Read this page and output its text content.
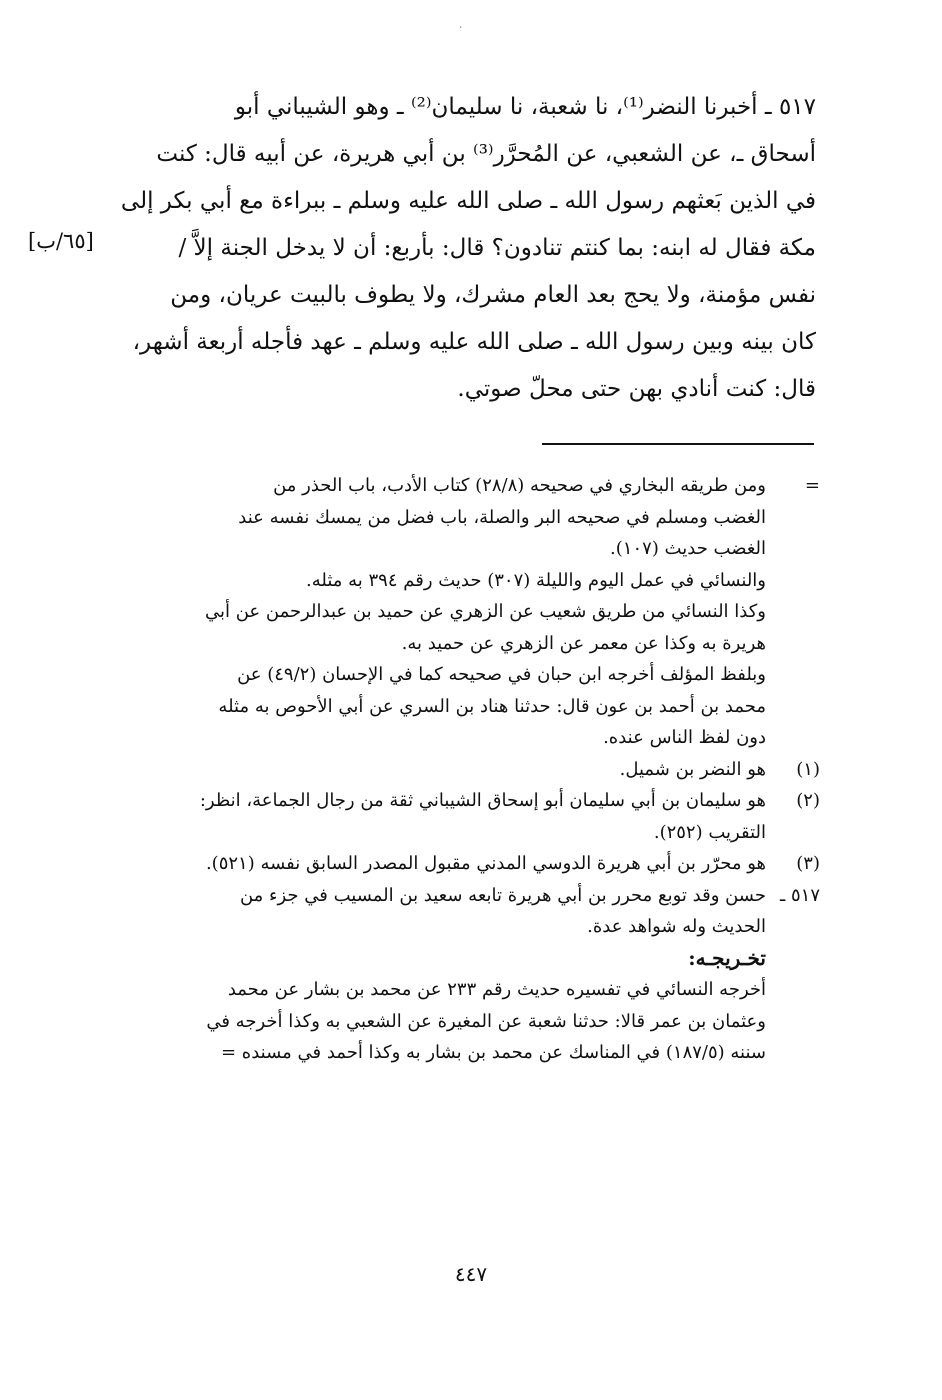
٠
٥١٧ ـ أخبرنا النضر⁽¹⁾، نا شعبة، نا سليمان⁽²⁾ ـ وهو الشيباني أبو
أسحاق ـ، عن الشعبي، عن المُحرَّر⁽³⁾ بن أبي هريرة، عن أبيه قال: كنت
في الذين بَعثهم رسول الله ـ صلى الله عليه وسلم ـ ببراءة مع أبي بكر إلى
مكة فقال له ابنه: بما كنتم تنادون؟ قال: بأربع: أن لا يدخل الجنة إلاَّ /
نفس مؤمنة، ولا يحج بعد العام مشرك، ولا يطوف بالبيت عريان، ومن
كان بينه وبين رسول الله ـ صلى الله عليه وسلم ـ عهد فأجله أربعة أشهر،
قال: كنت أنادي بهن حتى محلّ صوتي.
[٦٥/ب]
=
ومن طريقه البخاري في صحيحه (٢٨/٨) كتاب الأدب، باب الحذر من
الغضب ومسلم في صحيحه البر والصلة، باب فضل من يمسك نفسه عند
الغضب حديث (١٠٧).
والنسائي في عمل اليوم والليلة (٣٠٧) حديث رقم ٣٩٤ به مثله.
وكذا النسائي من طريق شعيب عن الزهري عن حميد بن عبدالرحمن عن أبي
هريرة به وكذا عن معمر عن الزهري عن حميد به.
وبلفظ المؤلف أخرجه ابن حبان في صحيحه كما في الإحسان (٤٩/٢) عن
محمد بن أحمد بن عون قال: حدثنا هناد بن السري عن أبي الأحوص به مثله
دون لفظ الناس عنده.
(١)
هو النضر بن شميل.
(٢)
هو سليمان بن أبي سليمان أبو إسحاق الشيباني ثقة من رجال الجماعة، انظر:
التقريب (٢٥٢).
(٣)
هو محرّر بن أبي هريرة الدوسي المدني مقبول المصدر السابق نفسه (٥٢١).
٥١٧ ـ
حسن وقد توبع محرر بن أبي هريرة تابعه سعيد بن المسيب في جزء من
الحديث وله شواهد عدة.
تخـريجـه:
أخرجه النسائي في تفسيره حديث رقم ٢٣٣ عن محمد بن بشار عن محمد
وعثمان بن عمر قالا: حدثنا شعبة عن المغيرة عن الشعبي به وكذا أخرجه في
سننه (١٨٧/٥) في المناسك عن محمد بن بشار به وكذا أحمد في مسنده =
٤٤٧
